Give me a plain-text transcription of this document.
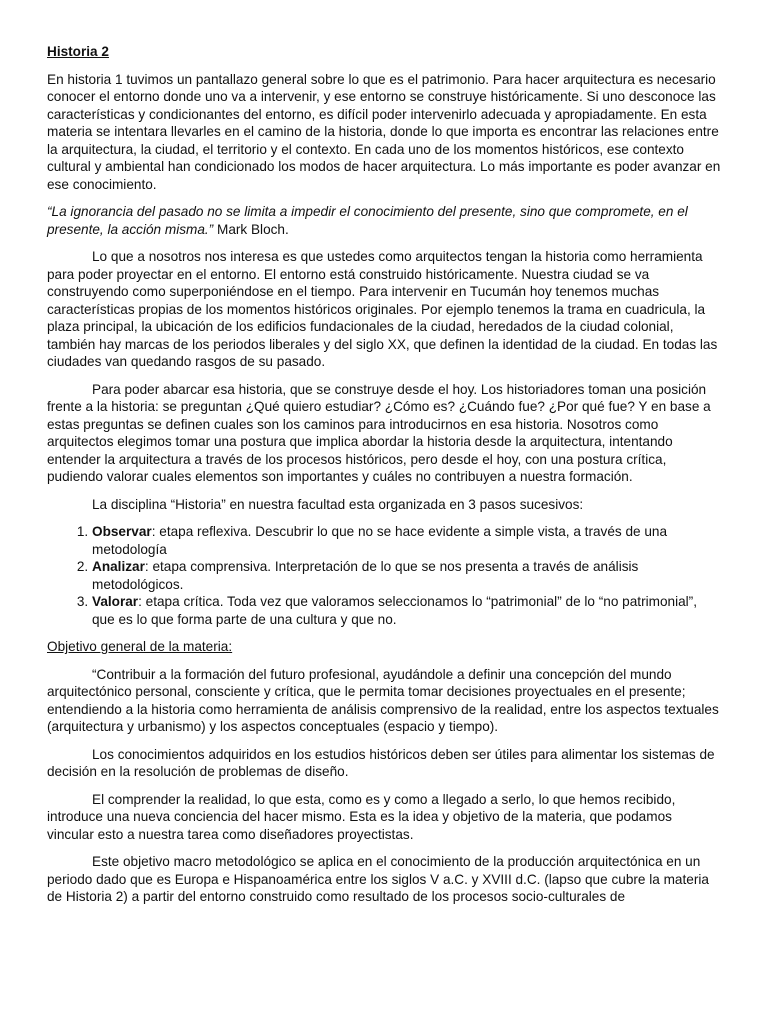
Historia 2

En historia 1 tuvimos un pantallazo general sobre lo que es el patrimonio. Para hacer arquitectura es necesario conocer el entorno donde uno va a intervenir, y ese entorno se construye históricamente. Si uno desconoce las características y condicionantes del entorno, es difícil poder intervenirlo adecuada y apropiadamente. En esta materia se intentara llevarles en el camino de la historia, donde lo que importa es encontrar las relaciones entre la arquitectura, la ciudad, el territorio y el contexto. En cada uno de los momentos históricos, ese contexto cultural y ambiental han condicionado los modos de hacer arquitectura. Lo más importante es poder avanzar en ese conocimiento.

“La ignorancia del pasado no se limita a impedir el conocimiento del presente, sino que compromete, en el presente, la acción misma.” Mark Bloch.

Lo que a nosotros nos interesa es que ustedes como arquitectos tengan la historia como herramienta para poder proyectar en el entorno. El entorno está construido históricamente. Nuestra ciudad se va construyendo como superponiéndose en el tiempo. Para intervenir en Tucumán hoy tenemos muchas características propias de los momentos históricos originales. Por ejemplo tenemos la trama en cuadricula, la plaza principal, la ubicación de los edificios fundacionales de la ciudad, heredados de la ciudad colonial, también hay marcas de los periodos liberales y del siglo XX, que definen la identidad de la ciudad. En todas las ciudades van quedando rasgos de su pasado.

Para poder abarcar esa historia, que se construye desde el hoy. Los historiadores toman una posición frente a la historia: se preguntan ¿Qué quiero estudiar? ¿Cómo es? ¿Cuándo fue? ¿Por qué fue? Y en base a estas preguntas se definen cuales son los caminos para introducirnos en esa historia. Nosotros como arquitectos elegimos tomar una postura que implica abordar la historia desde la arquitectura, intentando entender la arquitectura a través de los procesos históricos, pero desde el hoy, con una postura crítica, pudiendo valorar cuales elementos son importantes y cuáles no contribuyen a nuestra formación.

La disciplina “Historia” en nuestra facultad esta organizada en 3 pasos sucesivos:

1. Observar: etapa reflexiva. Descubrir lo que no se hace evidente a simple vista, a través de una metodología
2. Analizar: etapa comprensiva. Interpretación de lo que se nos presenta a través de análisis metodológicos.
3. Valorar: etapa crítica. Toda vez que valoramos seleccionamos lo “patrimonial” de lo “no patrimonial”, que es lo que forma parte de una cultura y que no.
Objetivo general de la materia:

“Contribuir a la formación del futuro profesional, ayudándole a definir una concepción del mundo arquitectónico personal, consciente y crítica, que le permita tomar decisiones proyectuales en el presente; entendiendo a la historia como herramienta de análisis comprensivo de la realidad, entre los aspectos textuales (arquitectura y urbanismo) y los aspectos conceptuales (espacio y tiempo).

Los conocimientos adquiridos en los estudios históricos deben ser útiles para alimentar los sistemas de decisión en la resolución de problemas de diseño.

El comprender la realidad, lo que esta, como es y como a llegado a serlo, lo que hemos recibido, introduce una nueva conciencia del hacer mismo. Esta es la idea y objetivo de la materia, que podamos vincular esto a nuestra tarea como diseñadores proyectistas.

Este objetivo macro metodológico se aplica en el conocimiento de la producción arquitectónica en un periodo dado que es Europa e Hispanoamérica entre los siglos V a.C. y XVIII d.C. (lapso que cubre la materia de Historia 2) a partir del entorno construido como resultado de los procesos socio-culturales de
